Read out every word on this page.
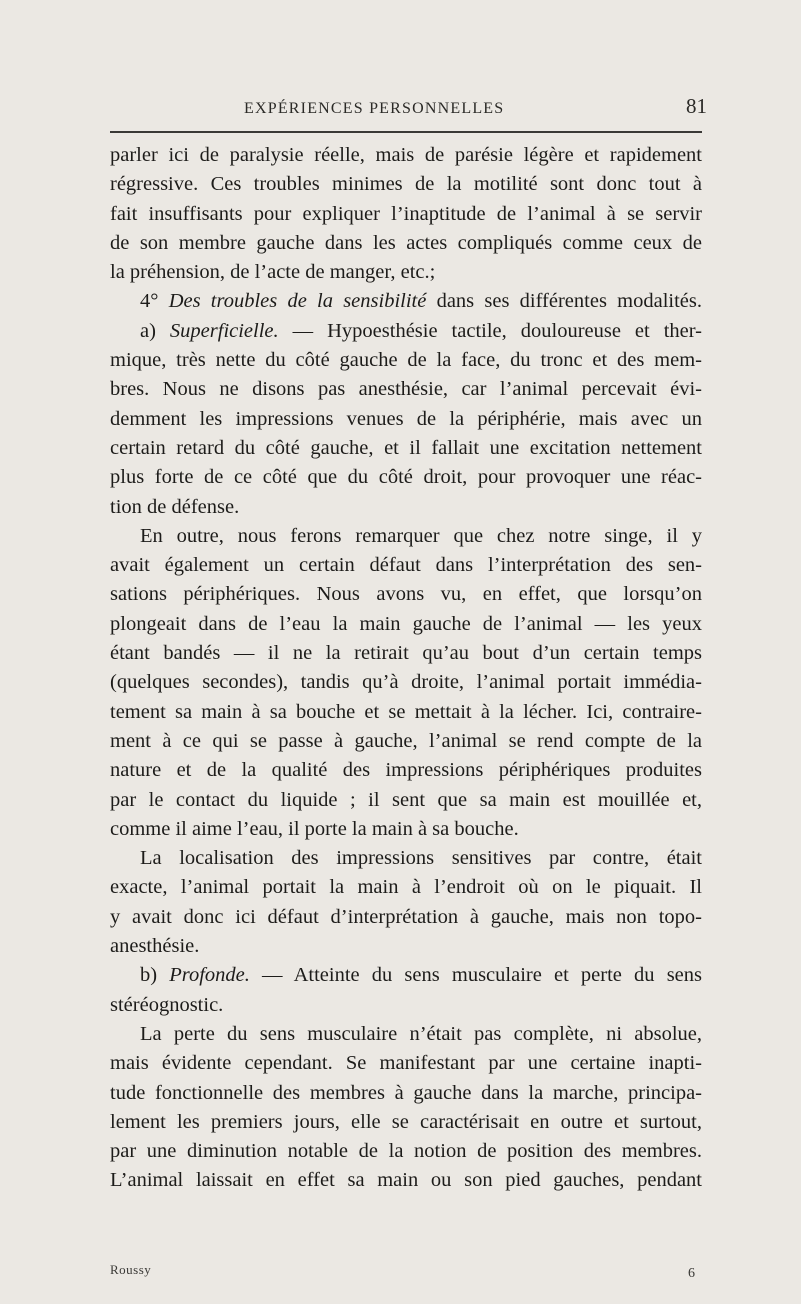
EXPÉRIENCES PERSONNELLES	81
parler ici de paralysie réelle, mais de parésie légère et rapidement
régressive. Ces troubles minimes de la motilité sont donc tout à
fait insuffisants pour expliquer l’inaptitude de l’animal à se servir
de son membre gauche dans les actes compliqués comme ceux de
la préhension, de l’acte de manger, etc.;
4° Des troubles de la sensibilité dans ses différentes modalités.
a) Superficielle. — Hypoesthésie tactile, douloureuse et ther-
mique, très nette du côté gauche de la face, du tronc et des mem-
bres. Nous ne disons pas anesthésie, car l’animal percevait évi-
demment les impressions venues de la périphérie, mais avec un
certain retard du côté gauche, et il fallait une excitation nettement
plus forte de ce côté que du côté droit, pour provoquer une réac-
tion de défense.
En outre, nous ferons remarquer que chez notre singe, il y
avait également un certain défaut dans l’interprétation des sen-
sations périphériques. Nous avons vu, en effet, que lorsqu’on
plongeait dans de l’eau la main gauche de l’animal — les yeux
étant bandés — il ne la retirait qu’au bout d’un certain temps
(quelques secondes), tandis qu’à droite, l’animal portait immédia-
tement sa main à sa bouche et se mettait à la lécher. Ici, contraire-
ment à ce qui se passe à gauche, l’animal se rend compte de la
nature et de la qualité des impressions périphériques produites
par le contact du liquide ; il sent que sa main est mouillée et,
comme il aime l’eau, il porte la main à sa bouche.
La localisation des impressions sensitives par contre, était
exacte, l’animal portait la main à l’endroit où on le piquait. Il
y avait donc ici défaut d’interprétation à gauche, mais non topo-
anesthésie.
b) Profonde. — Atteinte du sens musculaire et perte du sens
stéréognostic.
La perte du sens musculaire n’était pas complète, ni absolue,
mais évidente cependant. Se manifestant par une certaine inapti-
tude fonctionnelle des membres à gauche dans la marche, principa-
lement les premiers jours, elle se caractérisait en outre et surtout,
par une diminution notable de la notion de position des membres.
L’animal laissait en effet sa main ou son pied gauches, pendant
Roussy	6
